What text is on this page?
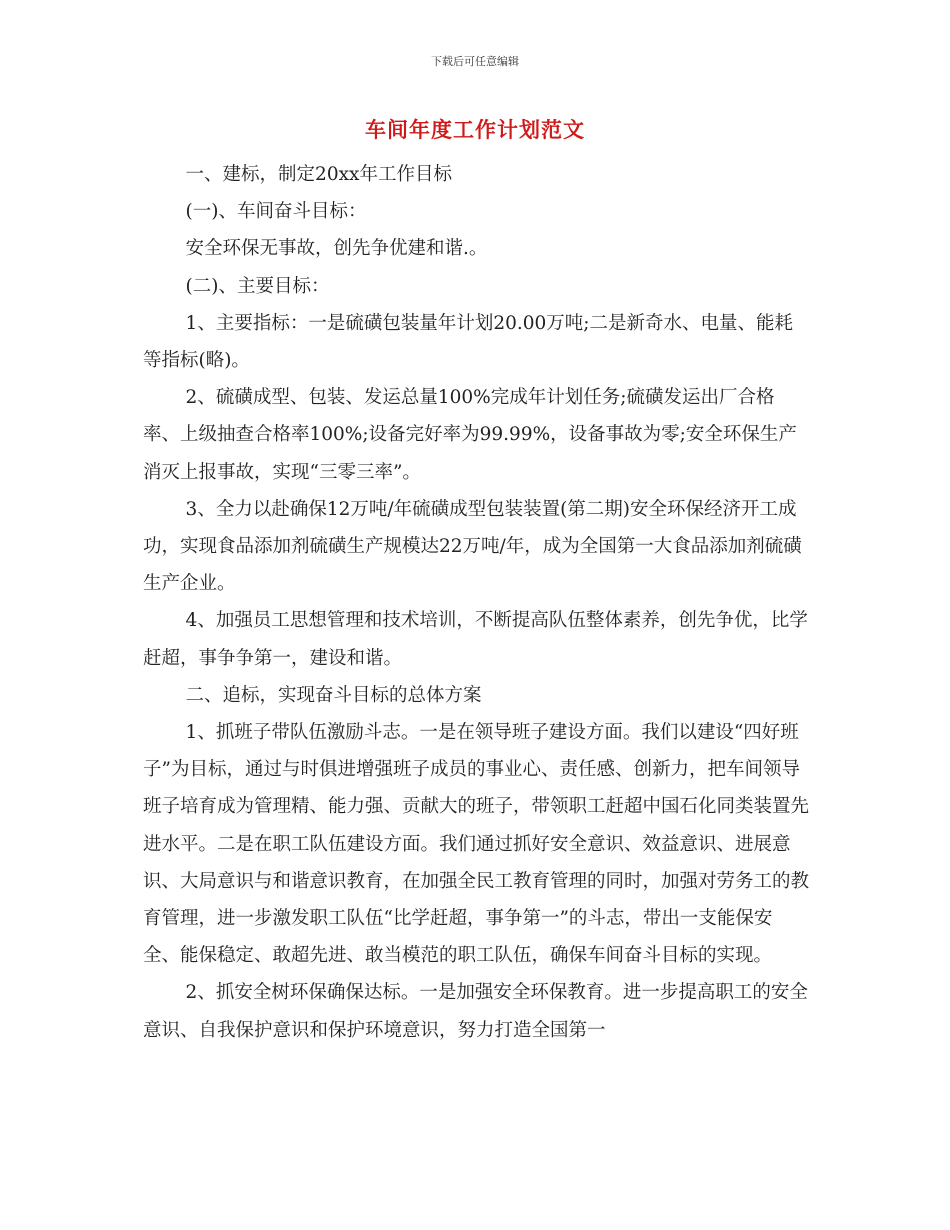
下载后可任意编辑
车间年度工作计划范文

一、建标，制定20xx年工作目标

(一)、车间奋斗目标：

安全环保无事故，创先争优建和谐.。

(二)、主要目标：

1、主要指标：一是硫磺包装量年计划20.00万吨;二是新奇水、电量、能耗等指标(略)。

2、硫磺成型、包装、发运总量100%完成年计划任务;硫磺发运出厂合格率、上级抽查合格率100%;设备完好率为99.99%，设备事故为零;安全环保生产消灭上报事故，实现“三零三率”。

3、全力以赴确保12万吨/年硫磺成型包装装置(第二期)安全环保经济开工成功，实现食品添加剂硫磺生产规模达22万吨/年，成为全国第一大食品添加剂硫磺生产企业。

4、加强员工思想管理和技术培训，不断提高队伍整体素养，创先争优，比学赶超，事争争第一，建设和谐。

二、追标，实现奋斗目标的总体方案

1、抓班子带队伍激励斗志。一是在领导班子建设方面。我们以建设“四好班子”为目标，通过与时俱进增强班子成员的事业心、责任感、创新力，把车间领导班子培育成为管理精、能力强、贡献大的班子，带领职工赶超中国石化同类装置先进水平。二是在职工队伍建设方面。我们通过抓好安全意识、效益意识、进展意识、大局意识与和谐意识教育，在加强全民工教育管理的同时，加强对劳务工的教育管理，进一步激发职工队伍“比学赶超，事争第一”的斗志，带出一支能保安全、能保稳定、敢超先进、敢当模范的职工队伍，确保车间奋斗目标的实现。

2、抓安全树环保确保达标。一是加强安全环保教育。进一步提高职工的安全意识、自我保护意识和保护环境意识，努力打造全国第一
